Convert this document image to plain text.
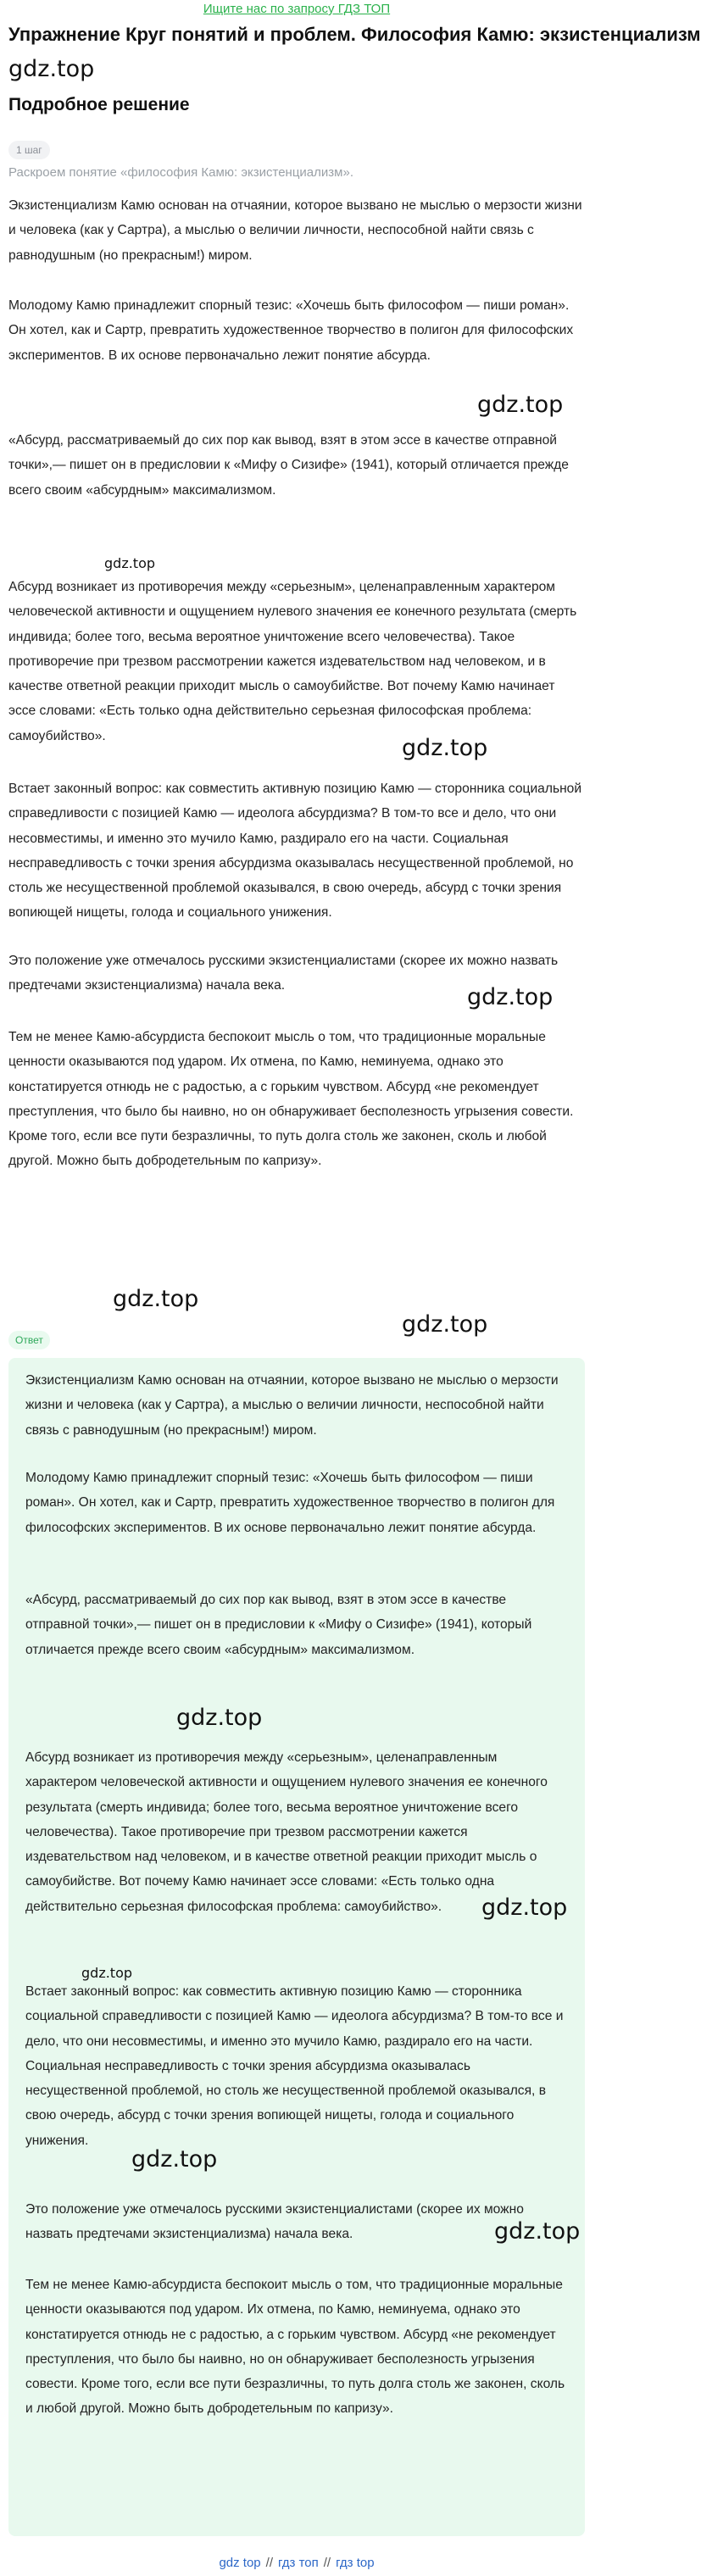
Ищите нас по запросу ГДЗ ТОП
Упражнение Круг понятий и проблем. Философия Камю: экзистенциализм
gdz.top
Подробное решение
1 шаг
Раскроем понятие «философия Камю: экзистенциализм».
Экзистенциализм Камю основан на отчаянии, которое вызвано не мыслью о мерзости жизни и человека (как у Сартра), а мыслью о величии личности, неспособной найти связь с равнодушным (но прекрасным!) миром.
Молодому Камю принадлежит спорный тезис: «Хочешь быть философом — пиши роман». Он хотел, как и Сартр, превратить художественное творчество в полигон для философских экспериментов. В их основе первоначально лежит понятие абсурда.
«Абсурд, рассматриваемый до сих пор как вывод, взят в этом эссе в качестве отправной точки»,— пишет он в предисловии к «Мифу о Сизифе» (1941), который отличается прежде всего своим «абсурдным» максимализмом.
Абсурд возникает из противоречия между «серьезным», целенаправленным характером человеческой активности и ощущением нулевого значения ее конечного результата (смерть индивида; более того, весьма вероятное уничтожение всего человечества). Такое противоречие при трезвом рассмотрении кажется издевательством над человеком, и в качестве ответной реакции приходит мысль о самоубийстве. Вот почему Камю начинает эссе словами: «Есть только одна действительно серьезная философская проблема: самоубийство».
Встает законный вопрос: как совместить активную позицию Камю — сторонника социальной справедливости с позицией Камю — идеолога абсурдизма? В том-то все и дело, что они несовместимы, и именно это мучило Камю, раздирало его на части. Социальная несправедливость с точки зрения абсурдизма оказывалась несущественной проблемой, но столь же несущественной проблемой оказывался, в свою очередь, абсурд с точки зрения вопиющей нищеты, голода и социального унижения.
Это положение уже отмечалось русскими экзистенциалистами (скорее их можно назвать предтечами экзистенциализма) начала века.
Тем не менее Камю-абсурдиста беспокоит мысль о том, что традиционные моральные ценности оказываются под ударом. Их отмена, по Камю, неминуема, однако это констатируется отнюдь не с радостью, а с горьким чувством. Абсурд «не рекомендует преступления, что было бы наивно, но он обнаруживает бесполезность угрызения совести. Кроме того, если все пути безразличны, то путь долга столь же законен, сколь и любой другой. Можно быть добродетельным по капризу».
gdz.top
gdz.top
gdz.top
gdz.top
gdz.top
gdz.top
Ответ
Экзистенциализм Камю основан на отчаянии, которое вызвано не мыслью о мерзости жизни и человека (как у Сартра), а мыслью о величии личности, неспособной найти связь с равнодушным (но прекрасным!) миром.
Молодому Камю принадлежит спорный тезис: «Хочешь быть философом — пиши роман». Он хотел, как и Сартр, превратить художественное творчество в полигон для философских экспериментов. В их основе первоначально лежит понятие абсурда.
«Абсурд, рассматриваемый до сих пор как вывод, взят в этом эссе в качестве отправной точки»,— пишет он в предисловии к «Мифу о Сизифе» (1941), который отличается прежде всего своим «абсурдным» максимализмом.
Абсурд возникает из противоречия между «серьезным», целенаправленным характером человеческой активности и ощущением нулевого значения ее конечного результата (смерть индивида; более того, весьма вероятное уничтожение всего человечества). Такое противоречие при трезвом рассмотрении кажется издевательством над человеком, и в качестве ответной реакции приходит мысль о самоубийстве. Вот почему Камю начинает эссе словами: «Есть только одна действительно серьезная философская проблема: самоубийство».
Встает законный вопрос: как совместить активную позицию Камю — сторонника социальной справедливости с позицией Камю — идеолога абсурдизма? В том-то все и дело, что они несовместимы, и именно это мучило Камю, раздирало его на части. Социальная несправедливость с точки зрения абсурдизма оказывалась несущественной проблемой, но столь же несущественной проблемой оказывался, в свою очередь, абсурд с точки зрения вопиющей нищеты, голода и социального унижения.
Это положение уже отмечалось русскими экзистенциалистами (скорее их можно назвать предтечами экзистенциализма) начала века.
Тем не менее Камю-абсурдиста беспокоит мысль о том, что традиционные моральные ценности оказываются под ударом. Их отмена, по Камю, неминуема, однако это констатируется отнюдь не с радостью, а с горьким чувством. Абсурд «не рекомендует преступления, что было бы наивно, но он обнаруживает бесполезность угрызения совести. Кроме того, если все пути безразличны, то путь долга столь же законен, сколь и любой другой. Можно быть добродетельным по капризу».
gdz.top
gdz.top
gdz.top
gdz.top
gdz.top
gdz top // гдз топ // гдз top
